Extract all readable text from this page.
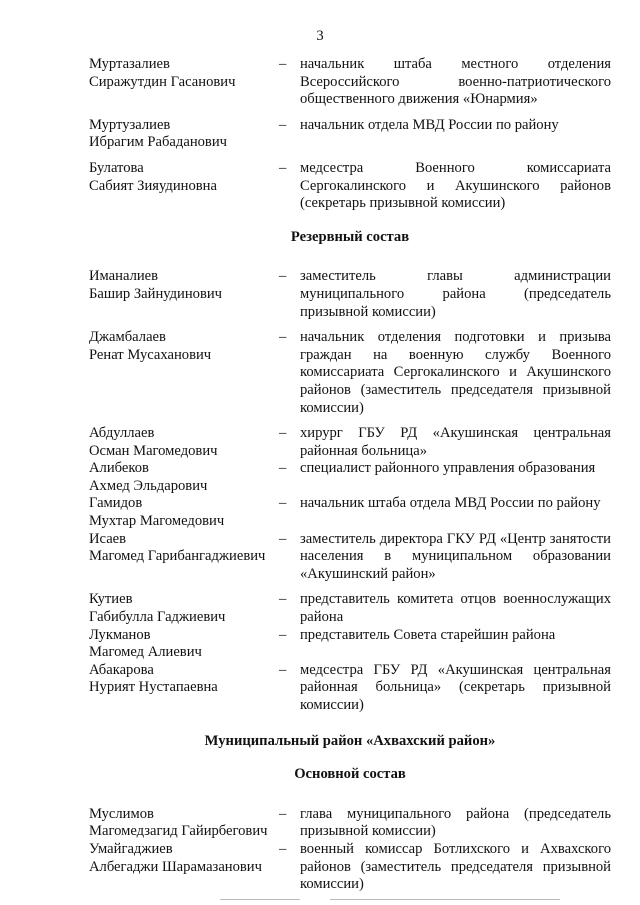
3
Муртазалиев
Сиражутдин Гасанович
– начальник штаба местного отделения Всероссийского военно-патриотического общественного движения «Юнармия»
Муртузалиев
Ибрагим Рабаданович
– начальник отдела МВД России по району
Булатова
Сабият Зияудиновна
– медсестра Военного комиссариата Сергокалинского и Акушинского районов (секретарь призывной комиссии)
Резервный состав
Иманалиев
Башир Зайнудинович
– заместитель главы администрации муниципального района (председатель призывной комиссии)
Джамбалаев
Ренат Мусаханович
– начальник отделения подготовки и призыва граждан на военную службу Военного комиссариата Сергокалинского и Акушинского районов (заместитель председателя призывной комиссии)
Абдуллаев
Осман Магомедович
– хирург ГБУ РД «Акушинская центральная районная больница»
Алибеков
Ахмед Эльдарович
– специалист районного управления образования
Гамидов
Мухтар Магомедович
– начальник штаба отдела МВД России по району
Исаев
Магомед Гарибангаджиевич
– заместитель директора ГКУ РД «Центр занятости населения в муниципальном образовании «Акушинский район»
Кутиев
Габибулла Гаджиевич
– представитель комитета отцов военнослужащих района
Лукманов
Магомед Алиевич
– представитель Совета старейшин района
Абакарова
Нурият Нустапаевна
– медсестра ГБУ РД «Акушинская центральная районная больница» (секретарь призывной комиссии)
Муниципальный район «Ахвахский район»
Основной состав
Муслимов
Магомедзагид Гайирбегович
– глава муниципального района (председатель призывной комиссии)
Умайгаджиев
Албегаджи Шарамазанович
– военный комиссар Ботлихского и Ахвахского районов (заместитель председателя призывной комиссии)
